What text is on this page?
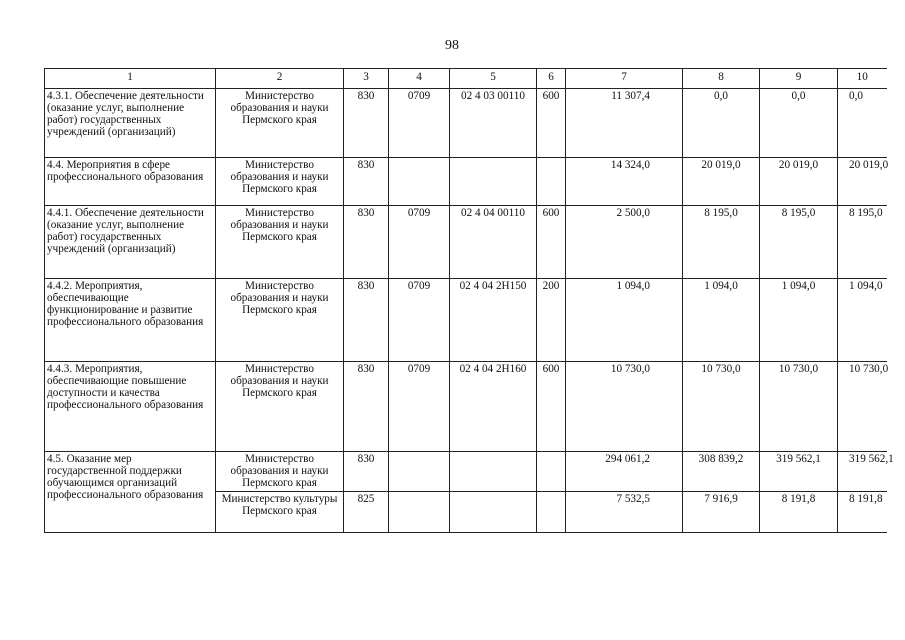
98
1	2	3	4	5	6	7	8	9	10
4.3.1. Обеспечение деятельности (оказание услуг, выполнение работ) государственных учреждений (организаций)	Министерство образования и науки Пермского края	830	0709	02 4 03 00110	600	11 307,4	0,0	0,0	0,0
4.4. Мероприятия в сфере профессионального образования	Министерство образования и науки Пермского края	830				14 324,0	20 019,0	20 019,0	20 019,0
4.4.1. Обеспечение деятельности (оказание услуг, выполнение работ) государственных учреждений (организаций)	Министерство образования и науки Пермского края	830	0709	02 4 04 00110	600	2 500,0	8 195,0	8 195,0	8 195,0
4.4.2. Мероприятия, обеспечивающие функционирование и развитие профессионального образования	Министерство образования и науки Пермского края	830	0709	02 4 04 2Н150	200	1 094,0	1 094,0	1 094,0	1 094,0
4.4.3. Мероприятия, обеспечивающие повышение доступности и качества профессионального образования	Министерство образования и науки Пермского края	830	0709	02 4 04 2Н160	600	10 730,0	10 730,0	10 730,0	10 730,0
4.5. Оказание мер государственной поддержки обучающимся организаций профессионального образования	Министерство образования и науки Пермского края	830				294 061,2	308 839,2	319 562,1	319 562,1
	Министерство культуры Пермского края	825				7 532,5	7 916,9	8 191,8	8 191,8
